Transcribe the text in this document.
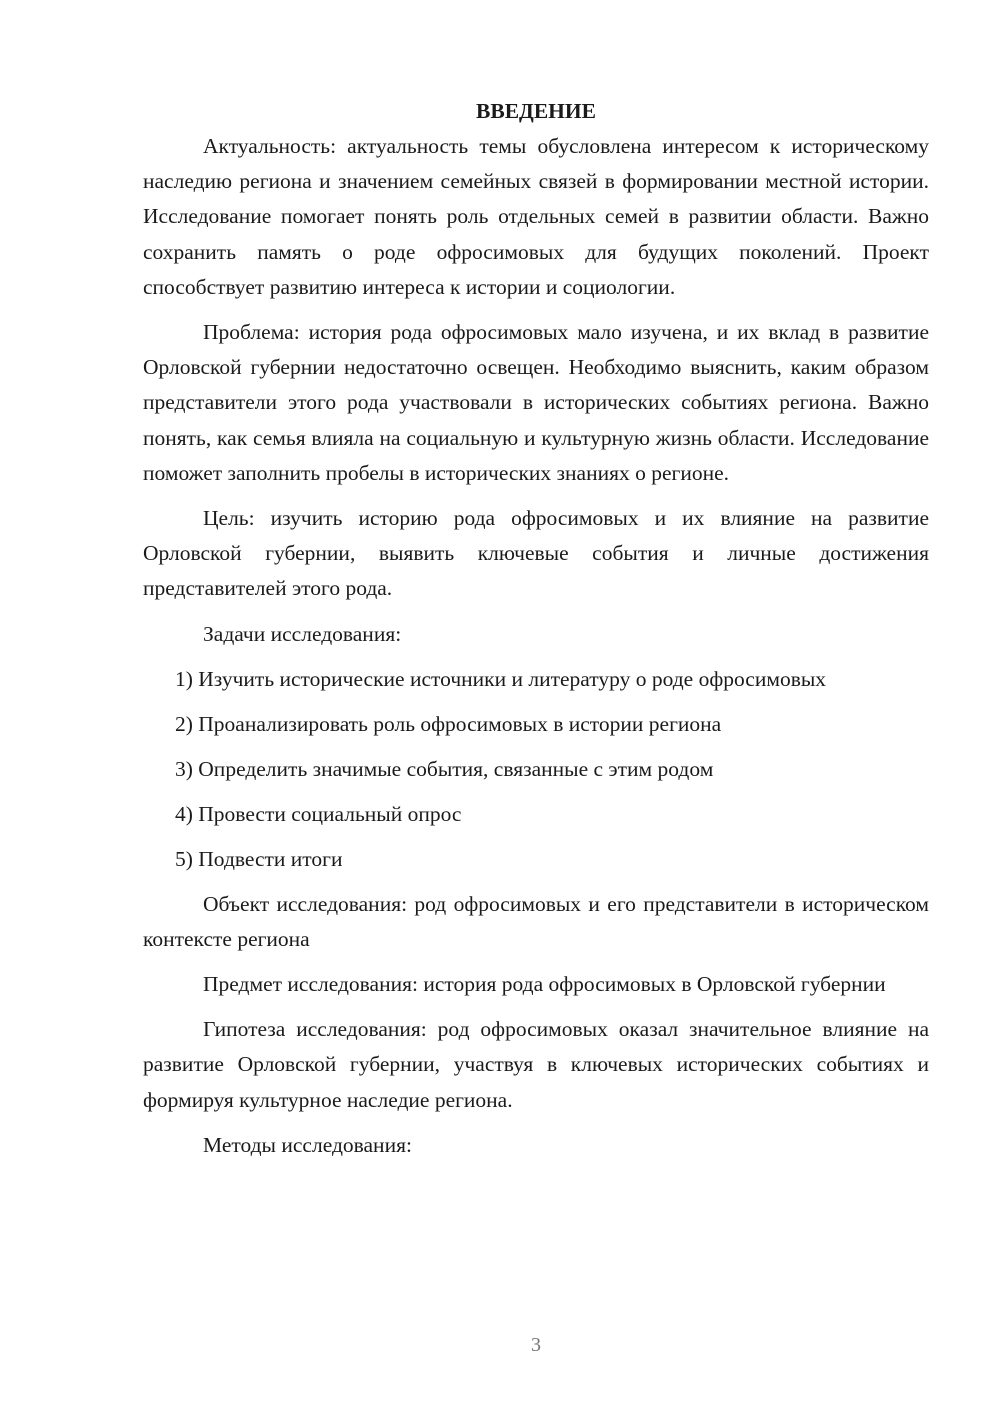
ВВЕДЕНИЕ

Актуальность: актуальность темы обусловлена интересом к историческому наследию региона и значением семейных связей в формировании местной истории. Исследование помогает понять роль отдельных семей в развитии области. Важно сохранить память о роде офросимовых для будущих поколений. Проект способствует развитию интереса к истории и социологии.

Проблема: история рода офросимовых мало изучена, и их вклад в развитие Орловской губернии недостаточно освещен. Необходимо выяснить, каким образом представители этого рода участвовали в исторических событиях региона. Важно понять, как семья влияла на социальную и культурную жизнь области. Исследование поможет заполнить пробелы в исторических знаниях о регионе.

Цель: изучить историю рода офросимовых и их влияние на развитие Орловской губернии, выявить ключевые события и личные достижения представителей этого рода.

Задачи исследования:

1) Изучить исторические источники и литературу о роде офросимовых
2) Проанализировать роль офросимовых в истории региона
3) Определить значимые события, связанные с этим родом
4) Провести социальный опрос
5) Подвести итоги

Объект исследования: род офросимовых и его представители в историческом контексте региона

Предмет исследования: история рода офросимовых в Орловской губернии

Гипотеза исследования: род офросимовых оказал значительное влияние на развитие Орловской губернии, участвуя в ключевых исторических событиях и формируя культурное наследие региона.

Методы исследования:

3
